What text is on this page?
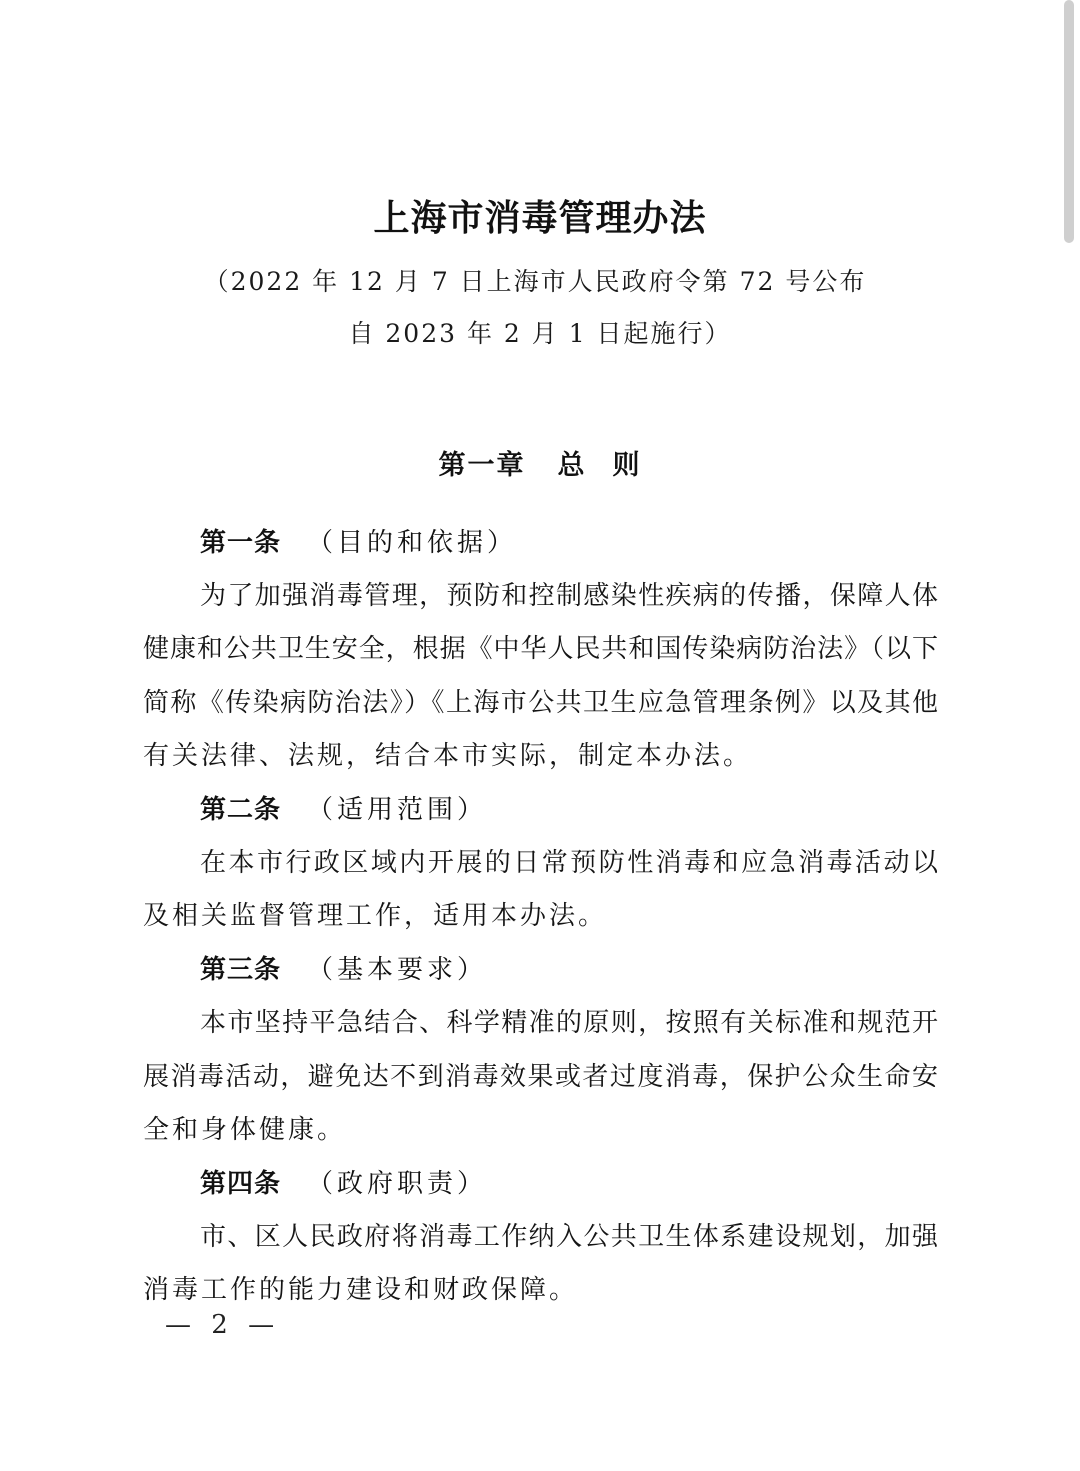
上海市消毒管理办法
（2022 年 12 月 7 日上海市人民政府令第 72 号公布
自 2023 年 2 月 1 日起施行）
第一章 总 则
第一条 （目的和依据）
为了加强消毒管理，预防和控制感染性疾病的传播，保障人体
健康和公共卫生安全，根据《中华人民共和国传染病防治法》（以下
简称《传染病防治法》）《上海市公共卫生应急管理条例》以及其他
有关法律、法规，结合本市实际，制定本办法。
第二条 （适用范围）
在本市行政区域内开展的日常预防性消毒和应急消毒活动以
及相关监督管理工作，适用本办法。
第三条 （基本要求）
本市坚持平急结合、科学精准的原则，按照有关标准和规范开
展消毒活动，避免达不到消毒效果或者过度消毒，保护公众生命安
全和身体健康。
第四条 （政府职责）
市、区人民政府将消毒工作纳入公共卫生体系建设规划，加强
消毒工作的能力建设和财政保障。
— 2 —
